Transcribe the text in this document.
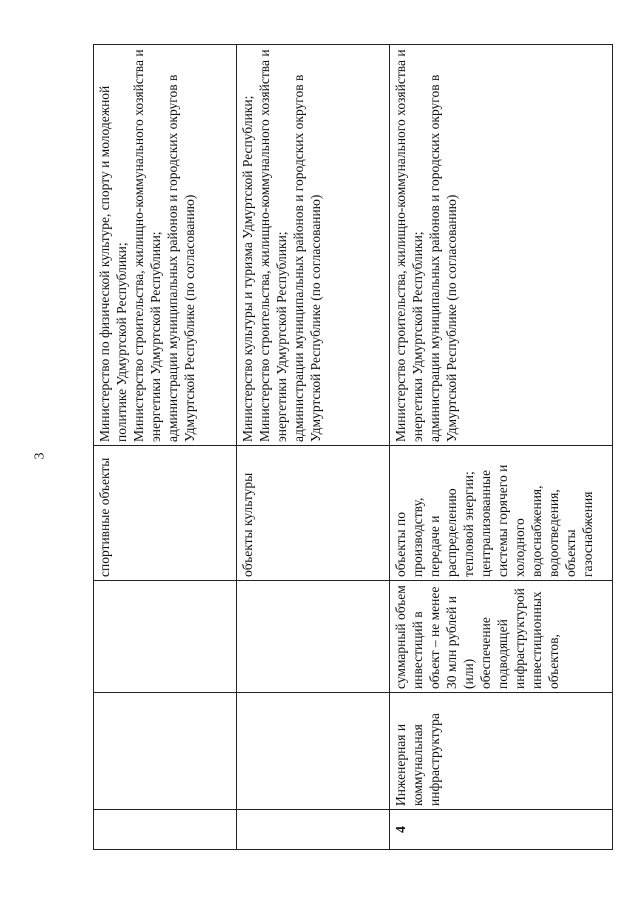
3
			спортивные объекты	Министерство по физической культуре, спорту и молодежной политике Удмуртской Республики;
Министерство строительства, жилищно-коммунального хозяйства и энергетики Удмуртской Республики;
администрации муниципальных районов и городских округов в Удмуртской Республике (по согласованию)
			объекты культуры	Министерство культуры и туризма Удмуртской Республики;
Министерство строительства, жилищно-коммунального хозяйства и энергетики Удмуртской Республики;
администрации муниципальных районов и городских округов в Удмуртской Республике (по согласованию)
4	Инженерная и коммунальная инфраструктура	суммарный объем инвестиций в объект – не менее 30 млн рублей и (или) обеспечение подводящей инфраструктурой инвестиционных объектов,	объекты по производству, передаче и распределению тепловой энергии; централизованные системы горячего и холодного водоснабжения, водоотведения, объекты газоснабжения	Министерство строительства, жилищно-коммунального хозяйства и энергетики Удмуртской Республики;
администрации муниципальных районов и городских округов в Удмуртской Республике (по согласованию)
